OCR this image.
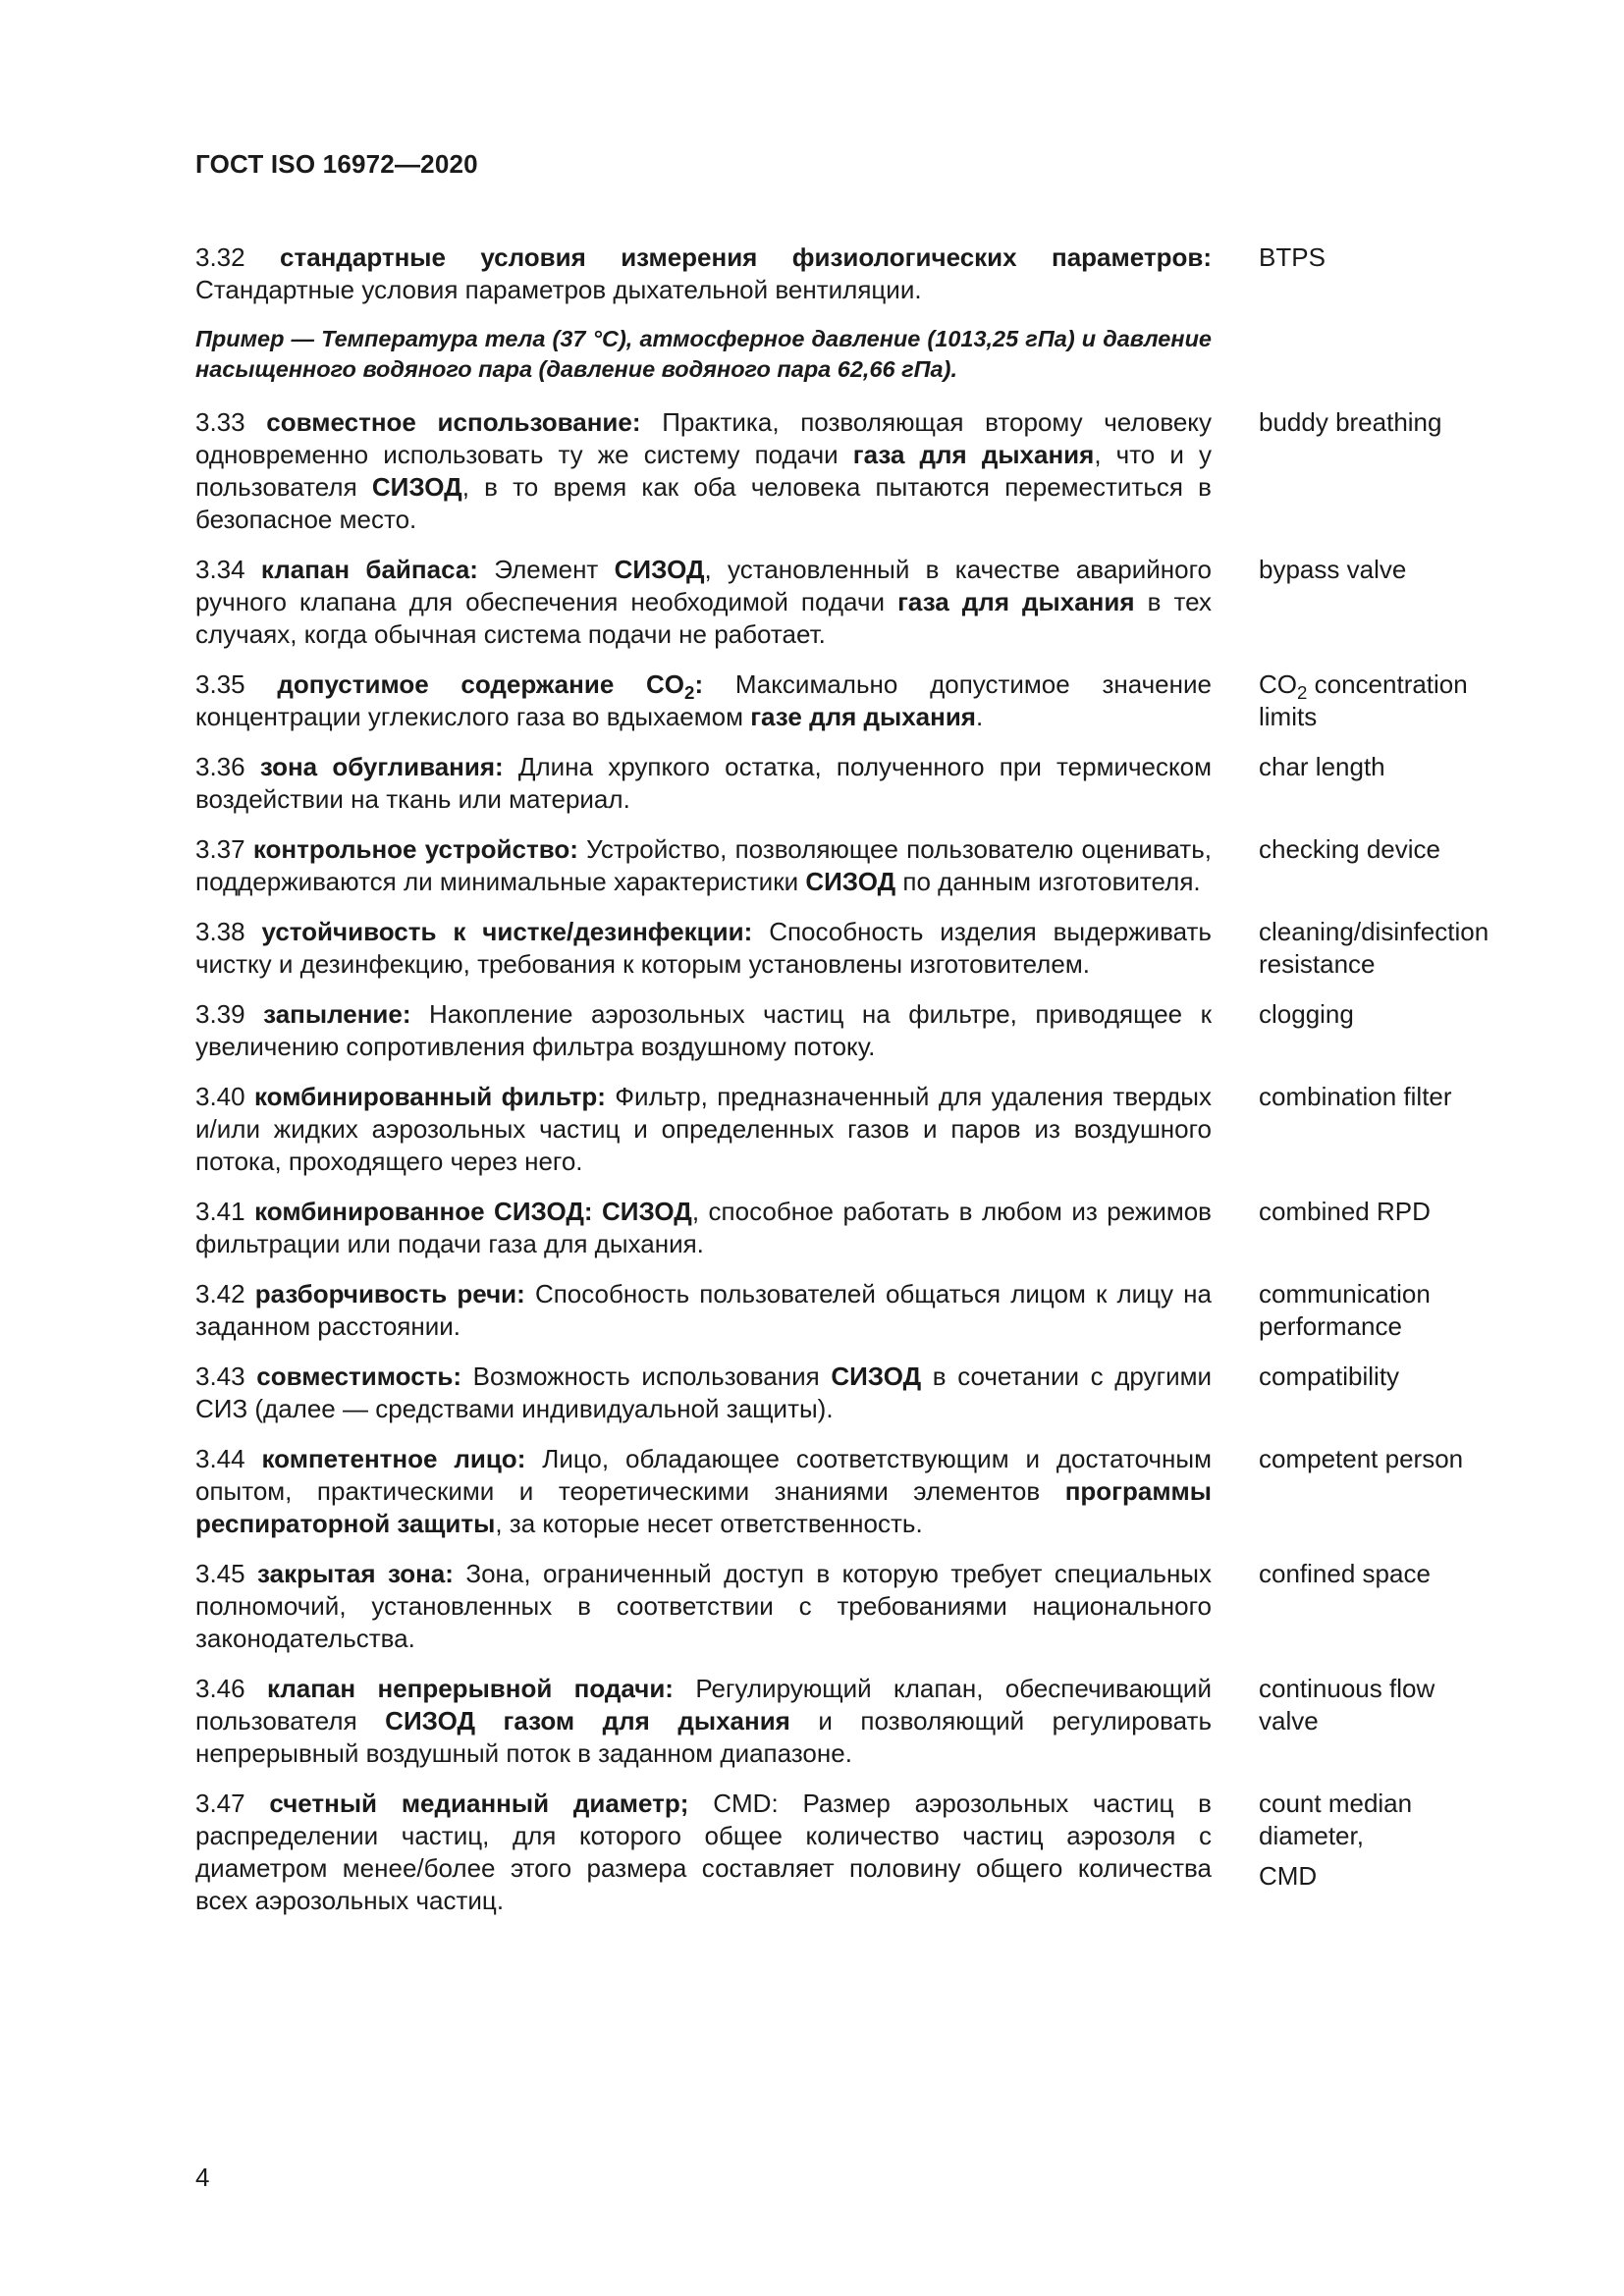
ГОСТ ISO 16972—2020
3.32 стандартные условия измерения физиологических параметров: Стандартные условия параметров дыхательной вентиляции.
BTPS
Пример — Температура тела (37 °C), атмосферное давление (1013,25 гПа) и давление насыщенного водяного пара (давление водяного пара 62,66 гПа).
3.33 совместное использование: Практика, позволяющая второму человеку одновременно использовать ту же систему подачи газа для дыхания, что и у пользователя СИЗОД, в то время как оба человека пытаются переместиться в безопасное место.
buddy breathing
3.34 клапан байпаса: Элемент СИЗОД, установленный в качестве аварийного ручного клапана для обеспечения необходимой подачи газа для дыхания в тех случаях, когда обычная система подачи не работает.
bypass valve
3.35 допустимое содержание $CO_2$: Максимально допустимое значение концентрации углекислого газа во вдыхаемом газе для дыхания.
$CO_2$ concentration
limits
3.36 зона обугливания: Длина хрупкого остатка, полученного при термическом воздействии на ткань или материал.
char length
3.37 контрольное устройство: Устройство, позволяющее пользователю оценивать, поддерживаются ли минимальные характеристики СИЗОД по данным изготовителя.
checking device
3.38 устойчивость к чистке/дезинфекции: Способность изделия выдерживать чистку и дезинфекцию, требования к которым установлены изготовителем.
cleaning/disinfection
resistance
3.39 запыление: Накопление аэрозольных частиц на фильтре, приводящее к увеличению сопротивления фильтра воздушному потоку.
clogging
3.40 комбинированный фильтр: Фильтр, предназначенный для удаления твердых и/или жидких аэрозольных частиц и определенных газов и паров из воздушного потока, проходящего через него.
combination filter
3.41 комбинированное СИЗОД: СИЗОД, способное работать в любом из режимов фильтрации или подачи газа для дыхания.
combined RPD
3.42 разборчивость речи: Способность пользователей общаться лицом к лицу на заданном расстоянии.
communication
performance
3.43 совместимость: Возможность использования СИЗОД в сочетании с другими СИЗ (далее — средствами индивидуальной защиты).
compatibility
3.44 компетентное лицо: Лицо, обладающее соответствующим и достаточным опытом, практическими и теоретическими знаниями элементов программы респираторной защиты, за которые несет ответственность.
competent person
3.45 закрытая зона: Зона, ограниченный доступ в которую требует специальных полномочий, установленных в соответствии с требованиями национального законодательства.
confined space
3.46 клапан непрерывной подачи: Регулирующий клапан, обеспечивающий пользователя СИЗОД газом для дыхания и позволяющий регулировать непрерывный воздушный поток в заданном диапазоне.
continuous flow
valve
3.47 счетный медианный диаметр; CMD: Размер аэрозольных частиц в распределении частиц, для которого общее количество частиц аэрозоля с диаметром менее/более этого размера составляет половину общего количества всех аэрозольных частиц.
count median
diameter,
CMD
4
